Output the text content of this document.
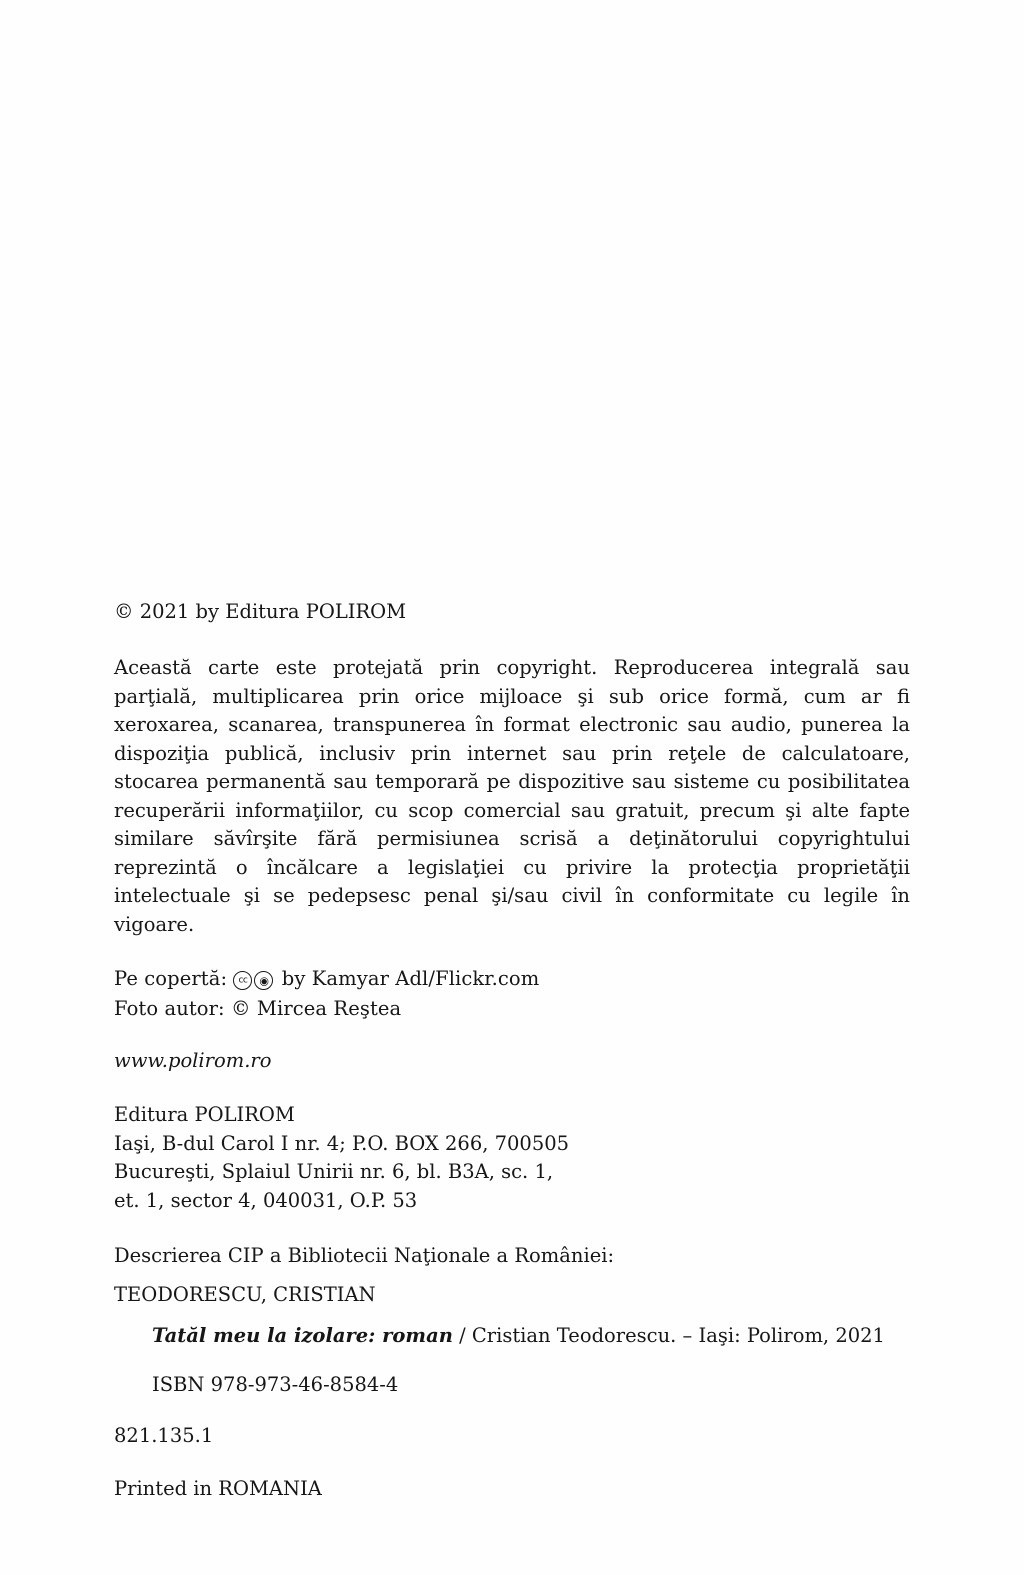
© 2021 by Editura POLIROM

Această carte este protejată prin copyright. Reproducerea integrală sau parţială, multiplicarea prin orice mijloace şi sub orice formă, cum ar fi xeroxarea, scanarea, transpunerea în format electronic sau audio, punerea la dispoziţia publică, inclusiv prin internet sau prin reţele de calculatoare, stocarea permanentă sau temporară pe dispozitive sau sisteme cu posibilitatea recuperării informaţiilor, cu scop comercial sau gratuit, precum şi alte fapte similare săvîrşite fără permisiunea scrisă a deţinătorului copyrightului reprezintă o încălcare a legislaţiei cu privire la protecţia proprietăţii intelectuale şi se pedepsesc penal şi/sau civil în conformitate cu legile în vigoare.

Pe copertă:	cc	◉ by Kamyar Adl/Flickr.com
Foto autor: © Mircea Reştea
www.polirom.ro
Editura POLIROM
Iaşi, B-dul Carol I nr. 4; P.O. BOX 266, 700505
Bucureşti, Splaiul Unirii nr. 6, bl. B3A, sc. 1,
et. 1, sector 4, 040031, O.P. 53
Descrierea CIP a Bibliotecii Naţionale a României:
TEODORESCU, CRISTIAN
Tatăl meu la izolare: roman / Cristian Teodorescu. – Iaşi: Polirom, 2021
ISBN 978-973-46-8584-4
821.135.1
Printed in ROMANIA
